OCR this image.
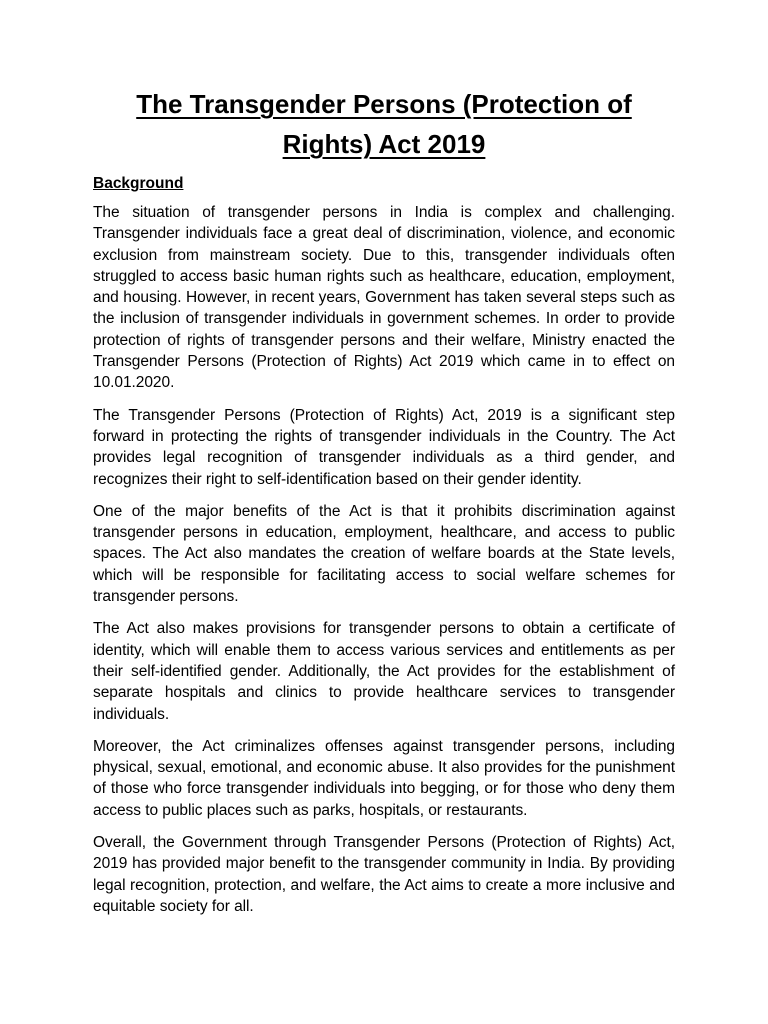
The Transgender Persons (Protection of Rights) Act 2019
Background

The situation of transgender persons in India is complex and challenging. Transgender individuals face a great deal of discrimination, violence, and economic exclusion from mainstream society. Due to this, transgender individuals often struggled to access basic human rights such as healthcare, education, employment, and housing. However, in recent years, Government has taken several steps such as the inclusion of transgender individuals in government schemes. In order to provide protection of rights of transgender persons and their welfare, Ministry enacted the Transgender Persons (Protection of Rights) Act 2019 which came in to effect on 10.01.2020.

The Transgender Persons (Protection of Rights) Act, 2019 is a significant step forward in protecting the rights of transgender individuals in the Country. The Act provides legal recognition of transgender individuals as a third gender, and recognizes their right to self-identification based on their gender identity.

One of the major benefits of the Act is that it prohibits discrimination against transgender persons in education, employment, healthcare, and access to public spaces. The Act also mandates the creation of welfare boards at the State levels, which will be responsible for facilitating access to social welfare schemes for transgender persons.

The Act also makes provisions for transgender persons to obtain a certificate of identity, which will enable them to access various services and entitlements as per their self-identified gender. Additionally, the Act provides for the establishment of separate hospitals and clinics to provide healthcare services to transgender individuals.

Moreover, the Act criminalizes offenses against transgender persons, including physical, sexual, emotional, and economic abuse. It also provides for the punishment of those who force transgender individuals into begging, or for those who deny them access to public places such as parks, hospitals, or restaurants.

Overall, the Government through Transgender Persons (Protection of Rights) Act, 2019 has provided major benefit to the transgender community in India. By providing legal recognition, protection, and welfare, the Act aims to create a more inclusive and equitable society for all.
